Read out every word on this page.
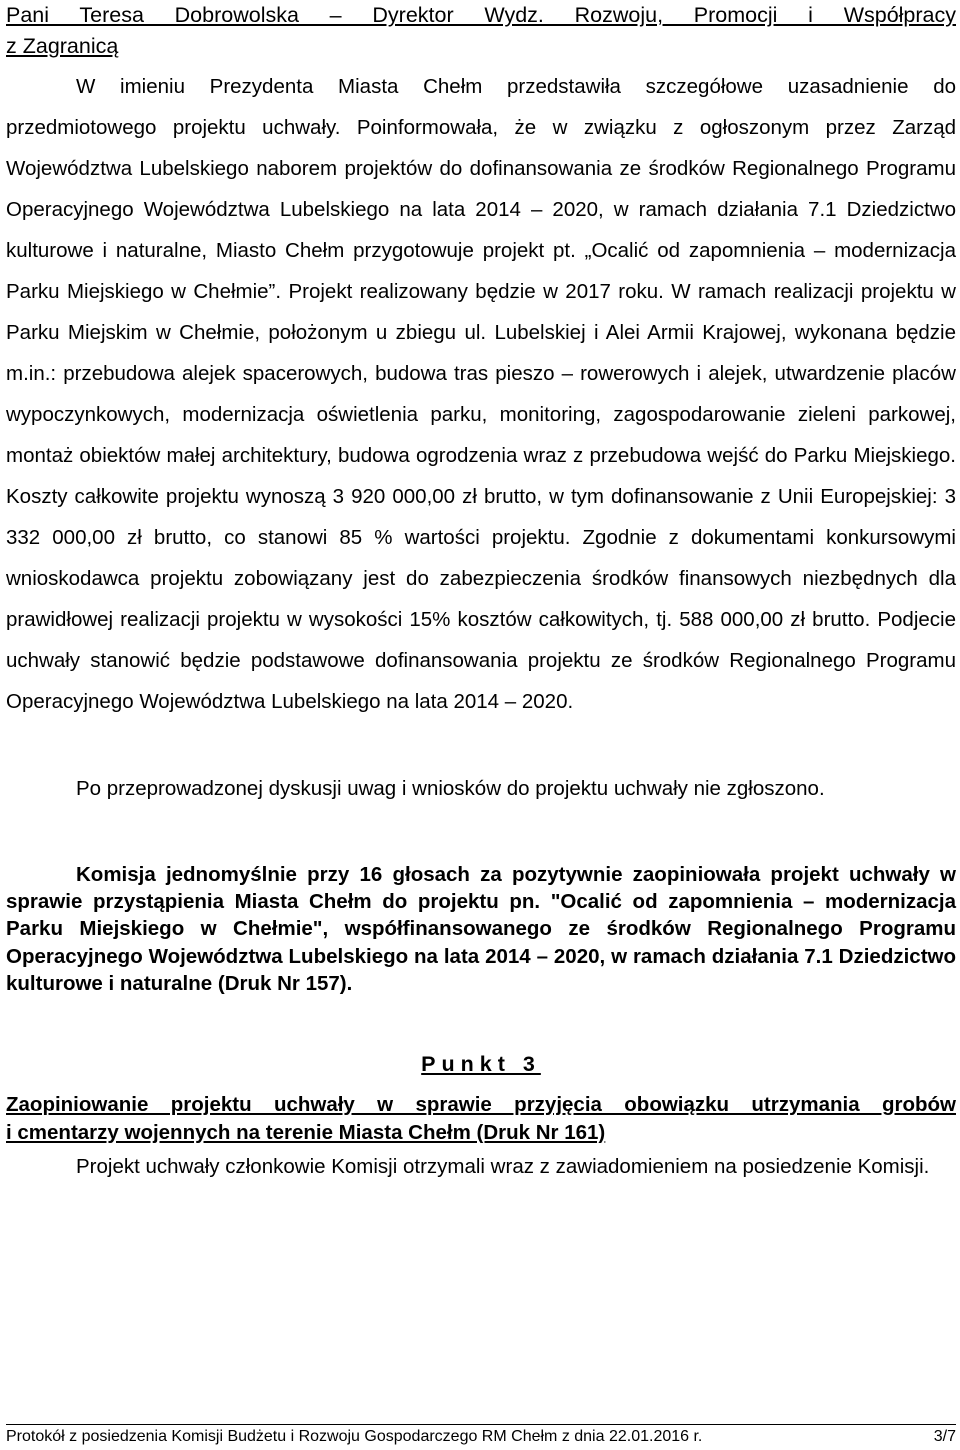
Pani Teresa Dobrowolska – Dyrektor Wydz. Rozwoju, Promocji i Współpracy
z Zagranicą

W imieniu Prezydenta Miasta Chełm przedstawiła szczegółowe uzasadnienie do przedmiotowego projektu uchwały. Poinformowała, że w związku z ogłoszonym przez Zarząd Województwa Lubelskiego naborem projektów do dofinansowania ze środków Regionalnego Programu Operacyjnego Województwa Lubelskiego na lata 2014 – 2020, w ramach działania 7.1 Dziedzictwo kulturowe i naturalne, Miasto Chełm przygotowuje projekt pt. „Ocalić od zapomnienia – modernizacja Parku Miejskiego w Chełmie”. Projekt realizowany będzie w 2017 roku. W ramach realizacji projektu w Parku Miejskim w Chełmie, położonym u zbiegu ul. Lubelskiej i Alei Armii Krajowej, wykonana będzie m.in.: przebudowa alejek spacerowych, budowa tras pieszo – rowerowych i alejek, utwardzenie placów wypoczynkowych, modernizacja oświetlenia parku, monitoring, zagospodarowanie zieleni parkowej, montaż obiektów małej architektury, budowa ogrodzenia wraz z przebudowa wejść do Parku Miejskiego. Koszty całkowite projektu wynoszą 3 920 000,00 zł brutto, w tym dofinansowanie z Unii Europejskiej: 3 332 000,00 zł brutto, co stanowi 85 % wartości projektu. Zgodnie z dokumentami konkursowymi wnioskodawca projektu zobowiązany jest do zabezpieczenia środków finansowych niezbędnych dla prawidłowej realizacji projektu w wysokości 15% kosztów całkowitych, tj. 588 000,00 zł brutto. Podjecie uchwały stanowić będzie podstawowe dofinansowania projektu ze środków Regionalnego Programu Operacyjnego Województwa Lubelskiego na lata 2014 – 2020.

Po przeprowadzonej dyskusji uwag i wniosków do projektu uchwały nie zgłoszono.

Komisja jednomyślnie przy 16 głosach za pozytywnie zaopiniowała projekt uchwały w sprawie przystąpienia Miasta Chełm do projektu pn. "Ocalić od zapomnienia – modernizacja Parku Miejskiego w Chełmie", współfinansowanego ze środków Regionalnego Programu Operacyjnego Województwa Lubelskiego na lata 2014 – 2020, w ramach działania 7.1 Dziedzictwo kulturowe i naturalne (Druk Nr 157).

Punkt 3

Zaopiniowanie projektu uchwały w sprawie przyjęcia obowiązku utrzymania grobów
i cmentarzy wojennych na terenie Miasta Chełm (Druk Nr 161)

Projekt uchwały członkowie Komisji otrzymali wraz z zawiadomieniem na posiedzenie Komisji.

Protokół z posiedzenia Komisji Budżetu i Rozwoju Gospodarczego RM Chełm z dnia 22.01.2016 r.	3/7
